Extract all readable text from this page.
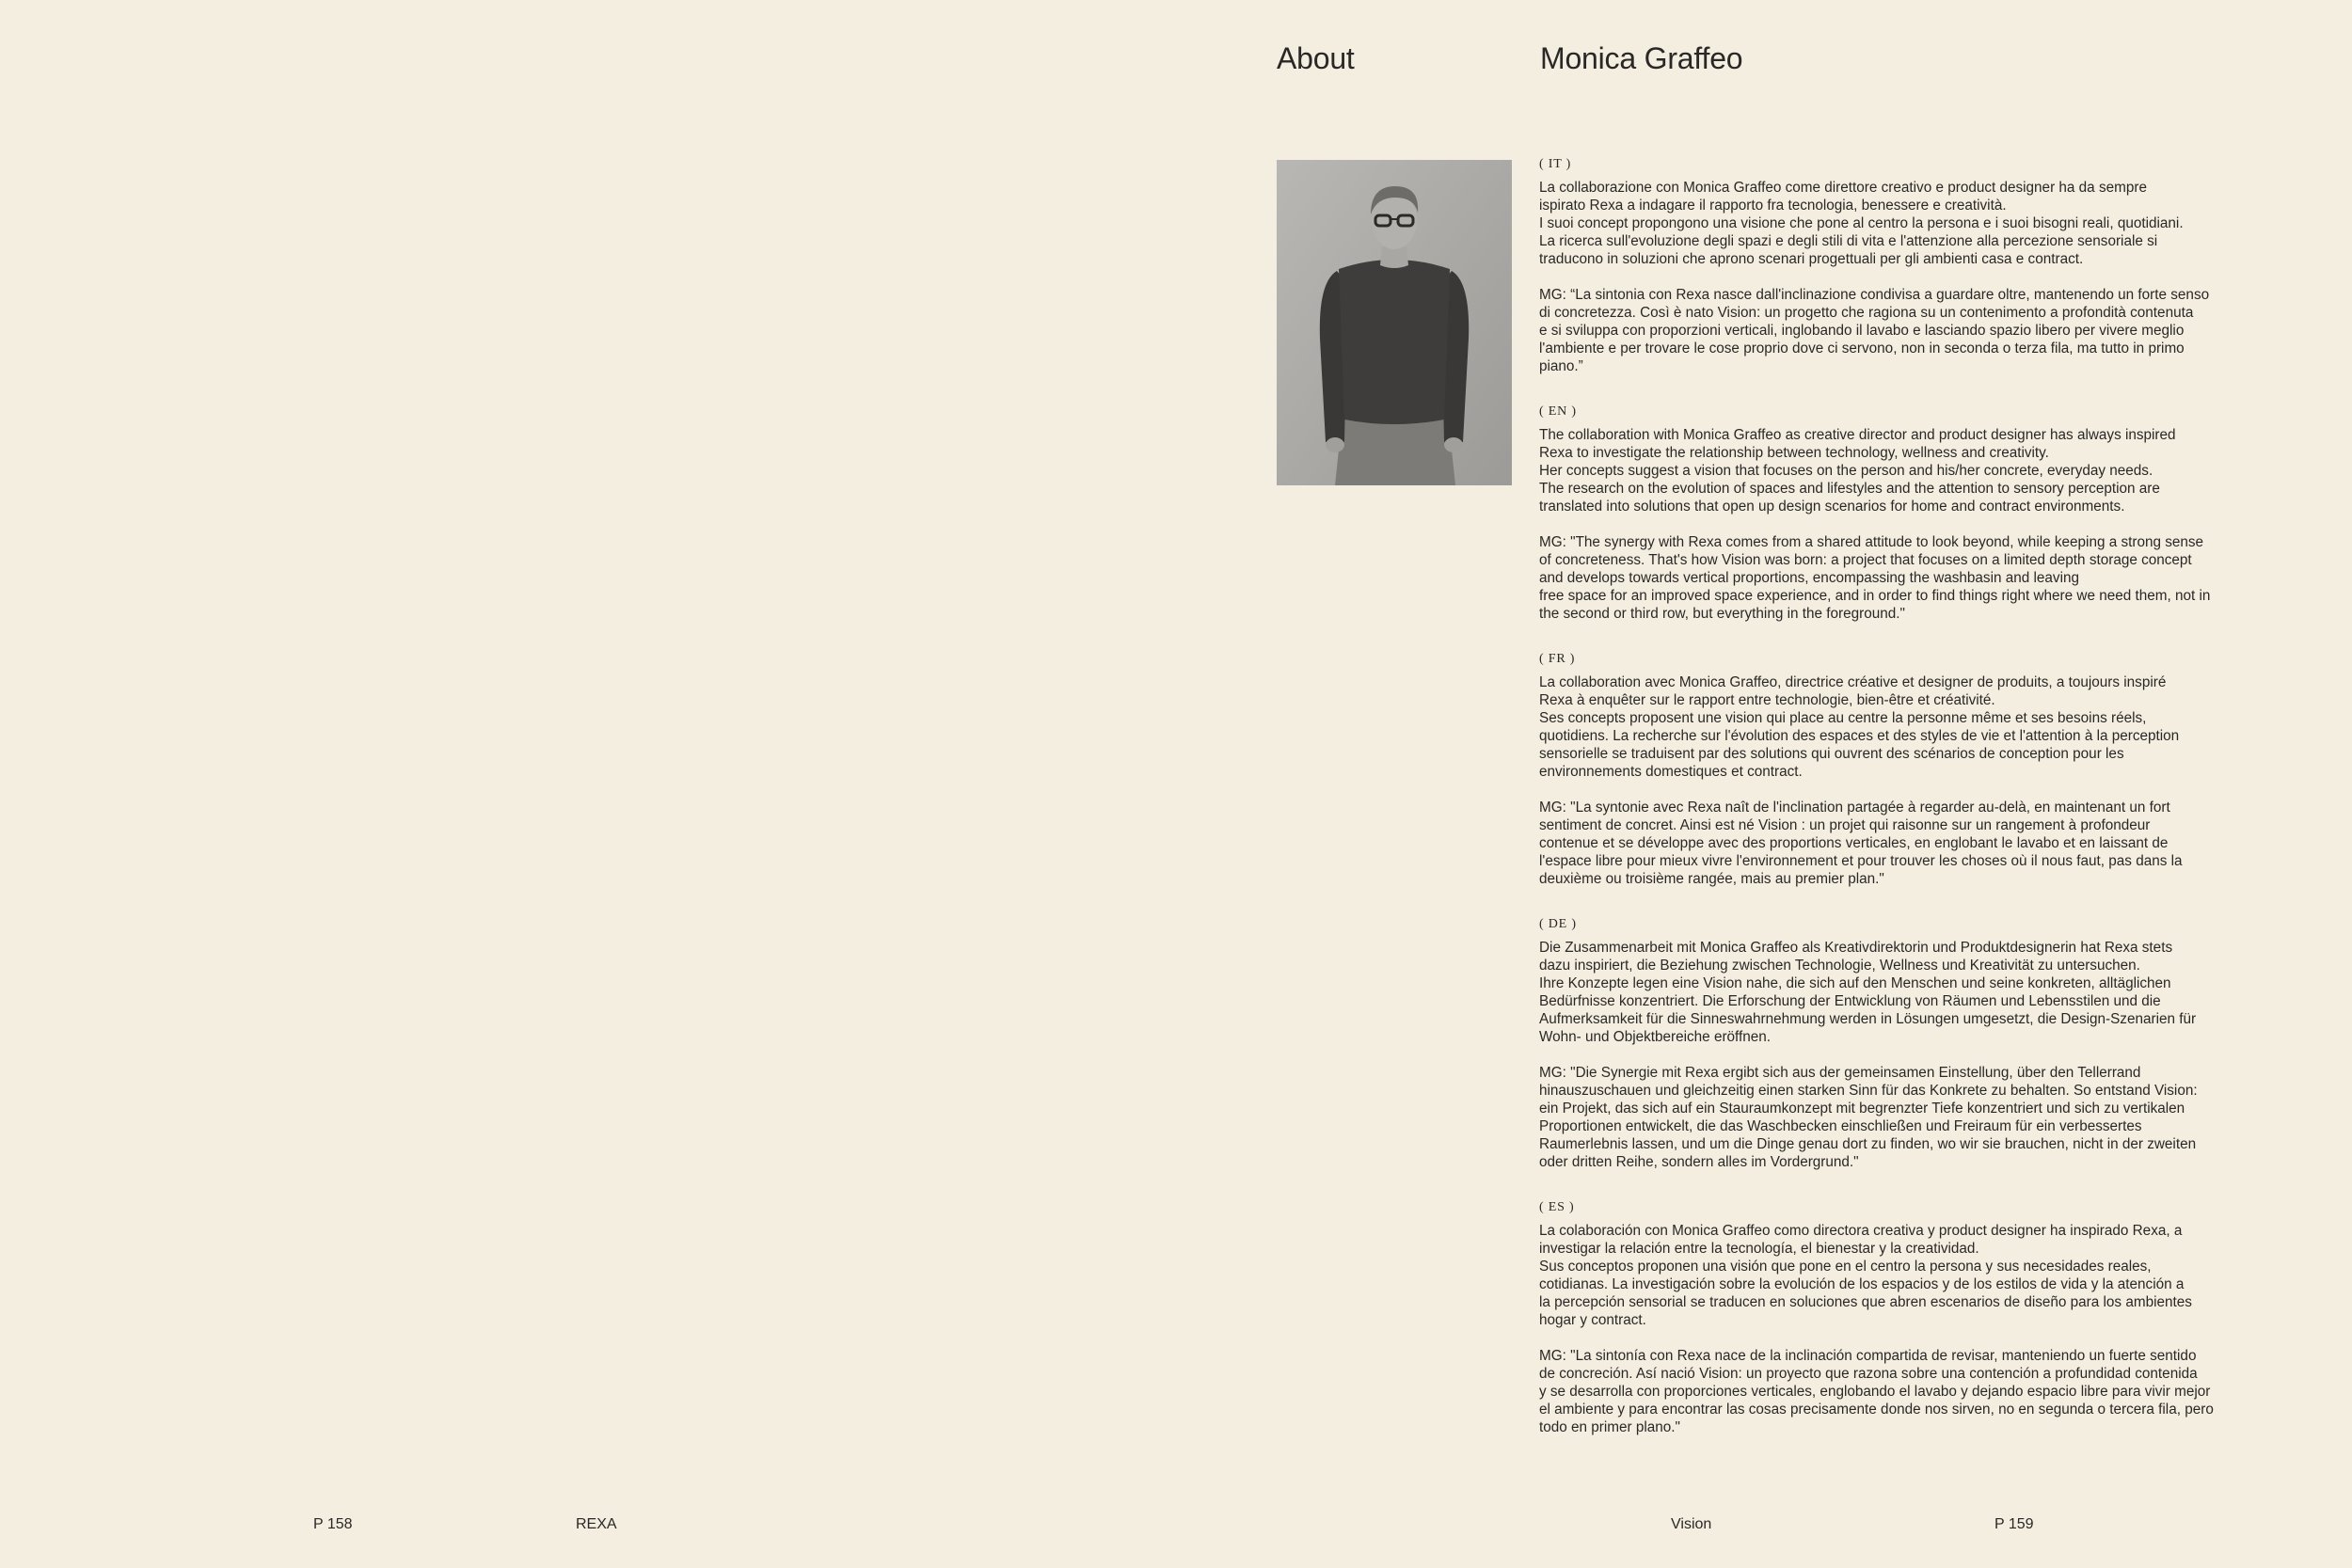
About	Monica Graffeo
( IT )

La collaborazione con Monica Graffeo come direttore creativo e product designer ha da sempre
ispirato Rexa a indagare il rapporto fra tecnologia, benessere e creatività.
I suoi concept propongono una visione che pone al centro la persona e i suoi bisogni reali, quotidiani.
La ricerca sull'evoluzione degli spazi e degli stili di vita e l'attenzione alla percezione sensoriale si
traducono in soluzioni che aprono scenari progettuali per gli ambienti casa e contract.

MG: “La sintonia con Rexa nasce dall'inclinazione condivisa a guardare oltre, mantenendo un forte senso
di concretezza. Così è nato Vision: un progetto che ragiona su un contenimento a profondità contenuta
e si sviluppa con proporzioni verticali, inglobando il lavabo e lasciando spazio libero per vivere meglio
l'ambiente e per trovare le cose proprio dove ci servono, non in seconda o terza fila, ma tutto in primo
piano.”

( EN )

The collaboration with Monica Graffeo as creative director and product designer has always inspired
Rexa to investigate the relationship between technology, wellness and creativity.
Her concepts suggest a vision that focuses on the person and his/her concrete, everyday needs.
The research on the evolution of spaces and lifestyles and the attention to sensory perception are
translated into solutions that open up design scenarios for home and contract environments.

MG: "The synergy with Rexa comes from a shared attitude to look beyond, while keeping a strong sense
of concreteness. That's how Vision was born: a project that focuses on a limited depth storage concept
and develops towards vertical proportions, encompassing the washbasin and leaving
free space for an improved space experience, and in order to find things right where we need them, not in
the second or third row, but everything in the foreground."

( FR )

La collaboration avec Monica Graffeo, directrice créative et designer de produits, a toujours inspiré
Rexa à enquêter sur le rapport entre technologie, bien-être et créativité.
Ses concepts proposent une vision qui place au centre la personne même et ses besoins réels,
quotidiens. La recherche sur l'évolution des espaces et des styles de vie et l'attention à la perception
sensorielle se traduisent par des solutions qui ouvrent des scénarios de conception pour les
environnements domestiques et contract.

MG: "La syntonie avec Rexa naît de l'inclination partagée à regarder au-delà, en maintenant un fort
sentiment de concret. Ainsi est né Vision : un projet qui raisonne sur un rangement à profondeur
contenue et se développe avec des proportions verticales, en englobant le lavabo et en laissant de
l'espace libre pour mieux vivre l'environnement et pour trouver les choses où il nous faut, pas dans la
deuxième ou troisième rangée, mais au premier plan."

( DE )

Die Zusammenarbeit mit Monica Graffeo als Kreativdirektorin und Produktdesignerin hat Rexa stets
dazu inspiriert, die Beziehung zwischen Technologie, Wellness und Kreativität zu untersuchen.
Ihre Konzepte legen eine Vision nahe, die sich auf den Menschen und seine konkreten, alltäglichen
Bedürfnisse konzentriert. Die Erforschung der Entwicklung von Räumen und Lebensstilen und die
Aufmerksamkeit für die Sinneswahrnehmung werden in Lösungen umgesetzt, die Design-Szenarien für
Wohn- und Objektbereiche eröffnen.

MG: "Die Synergie mit Rexa ergibt sich aus der gemeinsamen Einstellung, über den Tellerrand
hinauszuschauen und gleichzeitig einen starken Sinn für das Konkrete zu behalten. So entstand Vision:
ein Projekt, das sich auf ein Stauraumkonzept mit begrenzter Tiefe konzentriert und sich zu vertikalen
Proportionen entwickelt, die das Waschbecken einschließen und Freiraum für ein verbessertes
Raumerlebnis lassen, und um die Dinge genau dort zu finden, wo wir sie brauchen, nicht in der zweiten
oder dritten Reihe, sondern alles im Vordergrund."

( ES )

La colaboración con Monica Graffeo como directora creativa y product designer ha inspirado Rexa, a
investigar la relación entre la tecnología, el bienestar y la creatividad.
Sus conceptos proponen una visión que pone en el centro la persona y sus necesidades reales,
cotidianas. La investigación sobre la evolución de los espacios y de los estilos de vida y la atención a
la percepción sensorial se traducen en soluciones que abren escenarios de diseño para los ambientes
hogar y contract.

MG: "La sintonía con Rexa nace de la inclinación compartida de revisar, manteniendo un fuerte sentido
de concreción. Así nació Vision: un proyecto que razona sobre una contención a profundidad contenida
y se desarrolla con proporciones verticales, englobando el lavabo y dejando espacio libre para vivir mejor
el ambiente y para encontrar las cosas precisamente donde nos sirven, no en segunda o tercera fila, pero
todo en primer plano."

P 158	REXA	Vision	P 159
